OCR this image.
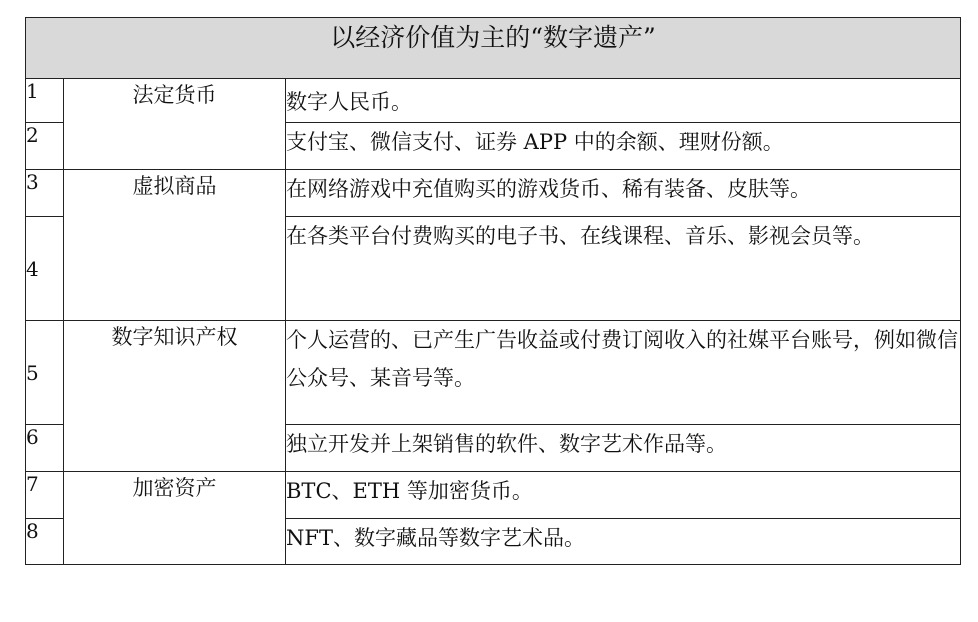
以经济价值为主的“数字遗产”		
1	法定货币	数字人民币。
2		支付宝、微信支付、证券 APP 中的余额、理财份额。
3	虚拟商品	在网络游戏中充值购买的游戏货币、稀有装备、皮肤等。
4		在各类平台付费购买的电子书、在线课程、音乐、影视会员等。
5	数字知识产权	个人运营的、已产生广告收益或付费订阅收入的社媒平台账号，例如微信公众号、某音号等。
6		独立开发并上架销售的软件、数字艺术作品等。
7	加密资产	BTC、ETH 等加密货币。
8		NFT、数字藏品等数字艺术品。
